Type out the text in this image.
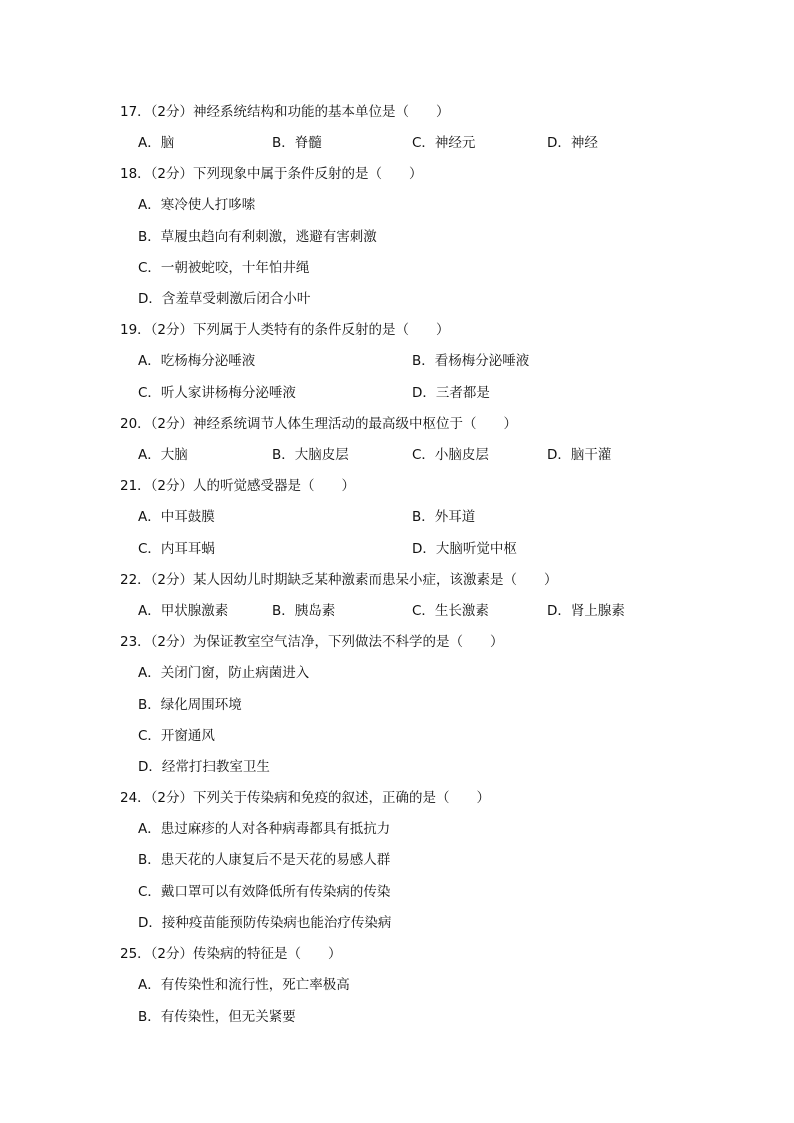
17．（2分）神经系统结构和功能的基本单位是（　　）
A．脑	B．脊髓	C．神经元	D．神经
18．（2分）下列现象中属于条件反射的是（　　）
A．寒冷使人打哆嗦
B．草履虫趋向有利刺激，逃避有害刺激
C．一朝被蛇咬，十年怕井绳
D．含羞草受刺激后闭合小叶
19．（2分）下列属于人类特有的条件反射的是（　　）
A．吃杨梅分泌唾液	B．看杨梅分泌唾液
C．听人家讲杨梅分泌唾液	D．三者都是
20．（2分）神经系统调节人体生理活动的最高级中枢位于（　　）
A．大脑	B．大脑皮层	C．小脑皮层	D．脑干灌
21．（2分）人的听觉感受器是（　　）
A．中耳鼓膜	B．外耳道
C．内耳耳蜗	D．大脑听觉中枢
22．（2分）某人因幼儿时期缺乏某种激素而患呆小症，该激素是（　　）
A．甲状腺激素	B．胰岛素	C．生长激素	D．肾上腺素
23．（2分）为保证教室空气洁净，下列做法不科学的是（　　）
A．关闭门窗，防止病菌进入
B．绿化周围环境
C．开窗通风
D．经常打扫教室卫生
24．（2分）下列关于传染病和免疫的叙述，正确的是（　　）
A．患过麻疹的人对各种病毒都具有抵抗力
B．患天花的人康复后不是天花的易感人群
C．戴口罩可以有效降低所有传染病的传染
D．接种疫苗能预防传染病也能治疗传染病
25．（2分）传染病的特征是（　　）
A．有传染性和流行性，死亡率极高
B．有传染性，但无关紧要
